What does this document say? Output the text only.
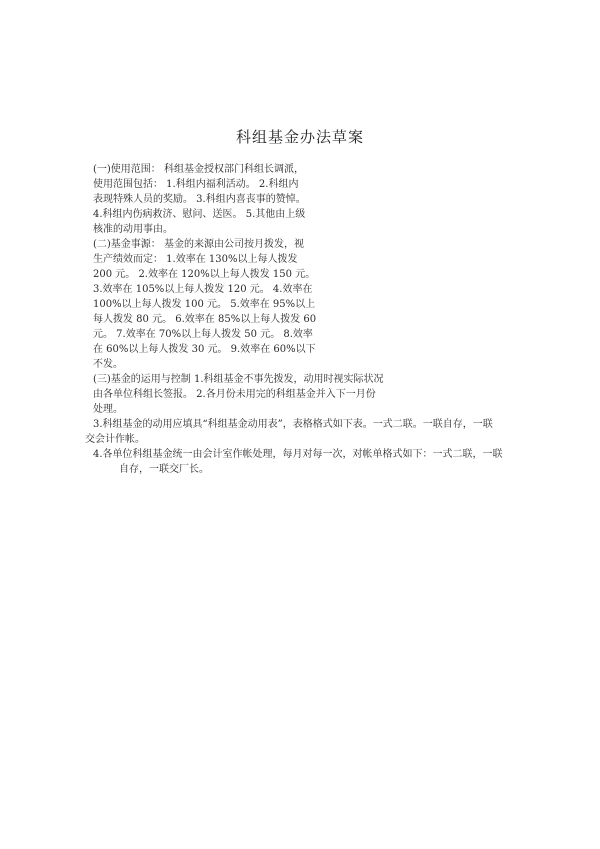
科组基金办法草案
(一)使用范围： 科组基金授权部门科组长调派，
使用范围包括： 1.科组内福利活动。 2.科组内
表现特殊人员的奖励。 3.科组内喜丧事的赞悼。
4.科组内伤病救济、慰问、送医。 5.其他由上级
核准的动用事由。
(二)基金事源： 基金的来源由公司按月拨发，视
生产绩效而定： 1.效率在 130%以上每人拨发
200 元。 2.效率在 120%以上每人拨发 150 元。
3.效率在 105%以上每人拨发 120 元。 4.效率在
100%以上每人拨发 100 元。 5.效率在 95%以上
每人拨发 80 元。 6.效率在 85%以上每人拨发 60
元。 7.效率在 70%以上每人拨发 50 元。 8.效率
在 60%以上每人拨发 30 元。 9.效率在 60%以下
不发。
(三)基金的运用与控制 1.科组基金不事先拨发，动用时视实际状况
由各单位科组长签报。 2.各月份未用完的科组基金并入下一月份
处理。
3.科组基金的动用应填具“科组基金动用表”，表格格式如下表。一式二联。一联自存，一联
交会计作帐。
4.各单位科组基金统一由会计室作帐处理，每月对每一次，对帐单格式如下：一式二联，一联
自存，一联交厂长。
